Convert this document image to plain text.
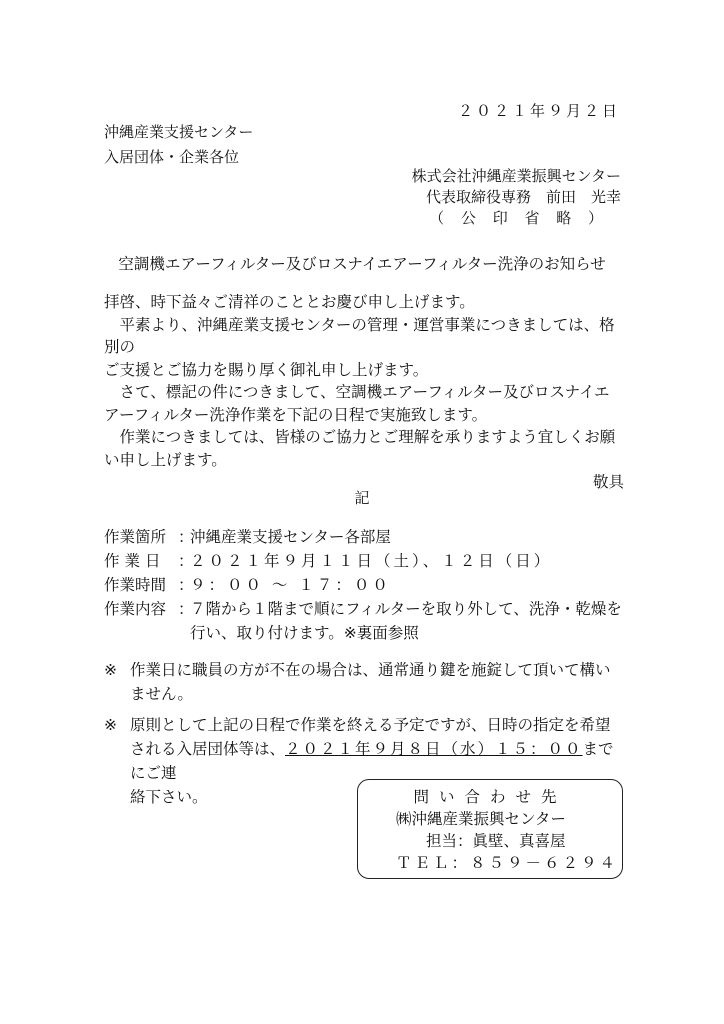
２０２１年９月２日
沖縄産業支援センター
入居団体・企業各位
株式会社沖縄産業振興センター
代表取締役専務　前田　光幸
（ 公 印 省 略 ）
空調機エアーフィルター及びロスナイエアーフィルター洗浄のお知らせ

拝啓、時下益々ご清祥のこととお慶び申し上げます。

　平素より、沖縄産業支援センターの管理・運営事業につきましては、格別の
ご支援とご協力を賜り厚く御礼申し上げます。

　さて、標記の件につきまして、空調機エアーフィルター及びロスナイエ
アーフィルター洗浄作業を下記の日程で実施致します。

　作業につきましては、皆様のご協力とご理解を承りますよう宜しくお願
い申し上げます。

敬具

記
作業箇所 ：
沖縄産業支援センター各部屋
作業日 ：
２０２１年９月１１日（土）、１２日（日）
作業時間 ：
９：００ ～ １７：００
作業内容 ：
７階から１階まで順にフィルターを取り外して、洗浄・乾燥を
行い、取り付けます。※裏面参照
※ 作業日に職員の方が不在の場合は、通常通り鍵を施錠して頂いて構い
ません。
※ 原則として上記の日程で作業を終える予定ですが、日時の指定を希望
される入居団体等は、２０２１年９月８日（水）１５：００までにご連
絡下さい。	問い合わせ先
㈱沖縄産業振興センター
担当：眞壁、真喜屋
ＴＥＬ：８５９－６２９４
